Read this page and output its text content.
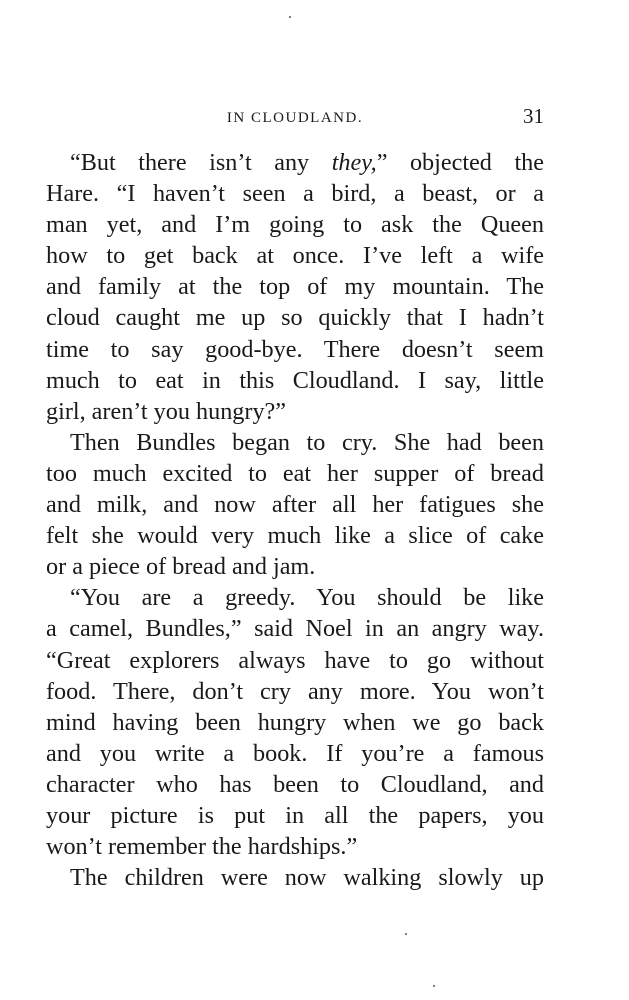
IN CLOUDLAND.	31
“But there isn’t any they,” objected the
Hare. “I haven’t seen a bird, a beast, or a
man yet, and I’m going to ask the Queen
how to get back at once. I’ve left a wife
and family at the top of my mountain. The
cloud caught me up so quickly that I hadn’t
time to say good-bye. There doesn’t seem
much to eat in this Cloudland. I say, little
girl, aren’t you hungry?”
Then Bundles began to cry. She had been
too much excited to eat her supper of bread
and milk, and now after all her fatigues she
felt she would very much like a slice of cake
or a piece of bread and jam.
“You are a greedy. You should be like
a camel, Bundles,” said Noel in an angry way.
“Great explorers always have to go without
food. There, don’t cry any more. You won’t
mind having been hungry when we go back
and you write a book. If you’re a famous
character who has been to Cloudland, and
your picture is put in all the papers, you
won’t remember the hardships.”
The children were now walking slowly up
